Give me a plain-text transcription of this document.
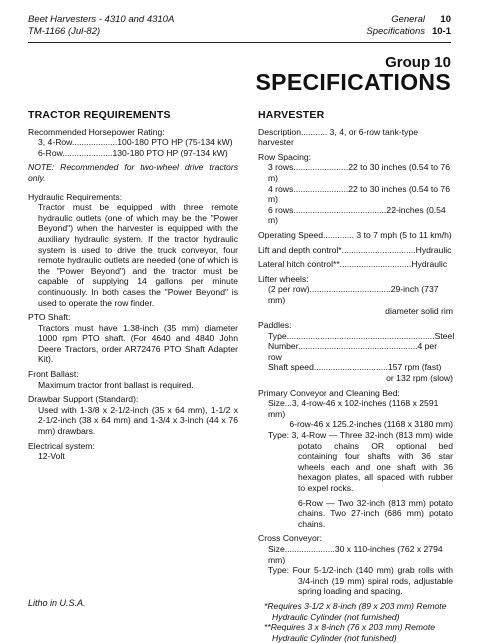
Beet Harvesters - 4310 and 4310A
TM-1166 (Jul-82)
General 10
Specifications 10-1
Group 10
SPECIFICATIONS
TRACTOR REQUIREMENTS
Recommended Horsepower Rating:
3, 4-Row...................100-180 PTO HP (75-134 kW)
6-Row.....................130-180 PTO HP (97-134 kW)
NOTE: Recommended for two-wheel drive tractors only.
Hydraulic Requirements:
Tractor must be equipped with three remote hydraulic outlets (one of which may be the "Power Beyond") when the harvester is equipped with the auxiliary hydraulic system. If the tractor hydraulic system is used to drive the truck conveyor, four remote hydraulic outlets are needed (one of which is the "Power Beyond") and the tractor must be capable of supplying 14 gallons per minute continuously. In both cases the "Power Beyond" is used to operate the row finder.
PTO Shaft:
Tractors must have 1.38-inch (35 mm) diameter 1000 rpm PTO shaft. (For 4640 and 4840 John Deere Tractors, order AR72476 PTO Shaft Adapter Kit).
Front Ballast:
Maximum tractor front ballast is required.
Drawbar Support (Standard):
Used with 1-3/8 x 2-1/2-inch (35 x 64 mm), 1-1/2 x 2-1/2-inch (38 x 64 mm) and 1-3/4 x 3-inch (44 x 76 mm) drawbars.
Electrical system:
12-Volt
HARVESTER
Description........... 3, 4, or 6-row tank-type harvester
Row Spacing:
3 rows.......................22 to 30 inches (0.54 to 76 m)
4 rows.......................22 to 30 inches (0.54 to 76 m)
6 rows.......................................22-inches (0.54 m)
Operating Speed............. 3 to 7 mph (5 to 11 km/h)
Lift and depth control*...............................Hydraulic
Lateral hitch control**..............................Hydraulic
Lifter wheels:
(2 per row)..................................29-inch (737 mm)
diameter solid rim
Paddles:
Type..............................................................Steel
Number..................................................4 per row
Shaft speed...............................157 rpm (fast)
or 132 rpm (slow)
Primary Conveyor and Cleaning Bed:
Size...3, 4-row-46 x 102-inches (1168 x 2591 mm)
6-row-46 x 125.2-inches (1168 x 3180 mm)
Type: 3, 4-Row — Three 32-inch (813 mm) wide potato chains OR optional bed containing four shafts with 36 star wheels each and one shaft with 36 hexagon plates, all spaced with rubber to expel rocks.
6-Row — Two 32-inch (813 mm) potato chains. Two 27-inch (686 mm) potato chains.
Cross Conveyor:
Size.....................30 x 110-inches (762 x 2794 mm)
Type: Four 5-1/2-inch (140 mm) grab rolls with 3/4-inch (19 mm) spiral rods, adjustable spring loading and spacing.
*Requires 3-1/2 x 8-inch (89 x 203 mm) Remote Hydraulic Cylinder (not furnished)
**Requires 3 x 8-inch (76 x 203 mm) Remote Hydraulic Cylinder (not funished)
Litho in U.S.A.
